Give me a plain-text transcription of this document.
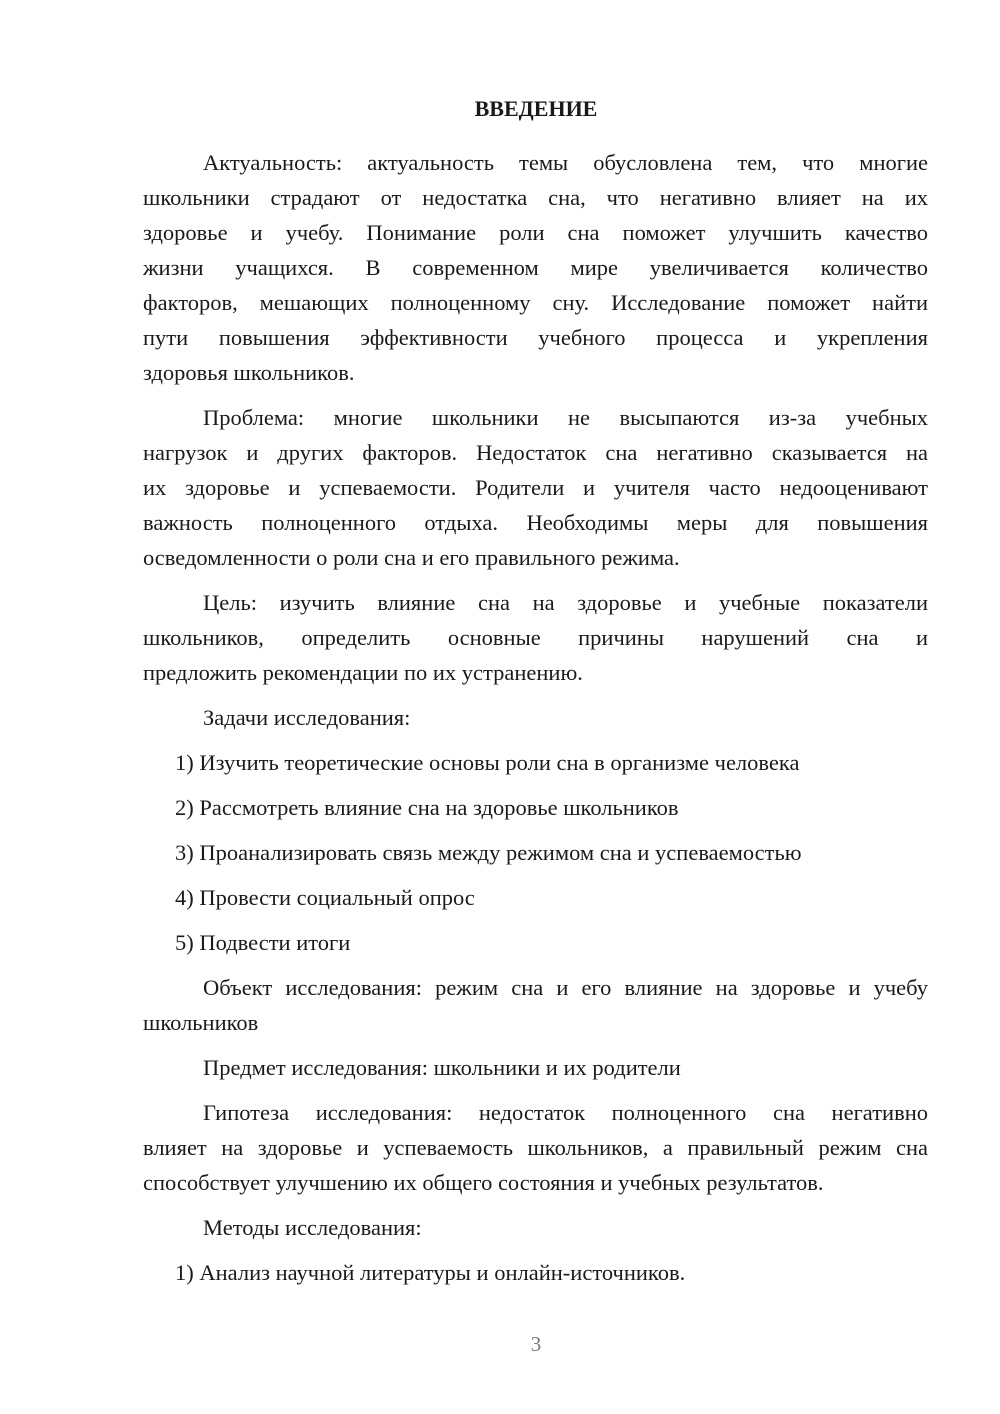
ВВЕДЕНИЕ
Актуальность: актуальность темы обусловлена тем, что многие
школьники страдают от недостатка сна, что негативно влияет на их
здоровье и учебу. Понимание роли сна поможет улучшить качество
жизни учащихся. В современном мире увеличивается количество
факторов, мешающих полноценному сну. Исследование поможет найти
пути повышения эффективности учебного процесса и укрепления
здоровья школьников.
Проблема: многие школьники не высыпаются из-за учебных
нагрузок и других факторов. Недостаток сна негативно сказывается на
их здоровье и успеваемости. Родители и учителя часто недооценивают
важность полноценного отдыха. Необходимы меры для повышения
осведомленности о роли сна и его правильного режима.
Цель: изучить влияние сна на здоровье и учебные показатели
школьников, определить основные причины нарушений сна и
предложить рекомендации по их устранению.
Задачи исследования:
1) Изучить теоретические основы роли сна в организме человека
2) Рассмотреть влияние сна на здоровье школьников
3) Проанализировать связь между режимом сна и успеваемостью
4) Провести социальный опрос
5) Подвести итоги
Объект исследования: режим сна и его влияние на здоровье и учебу
школьников
Предмет исследования: школьники и их родители
Гипотеза исследования: недостаток полноценного сна негативно
влияет на здоровье и успеваемость школьников, а правильный режим сна
способствует улучшению их общего состояния и учебных результатов.
Методы исследования:
1) Анализ научной литературы и онлайн-источников.
3
